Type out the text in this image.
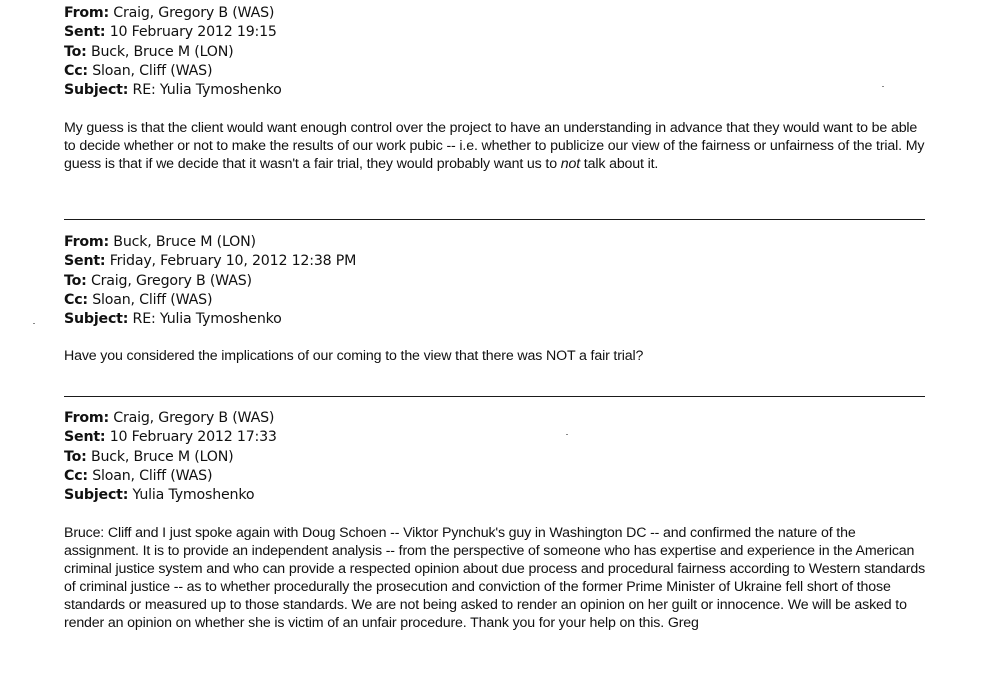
From: Craig, Gregory B (WAS)
Sent: 10 February 2012 19:15
To: Buck, Bruce M (LON)
Cc: Sloan, Cliff (WAS)
Subject: RE: Yulia Tymoshenko

My guess is that the client would want enough control over the project to have an understanding in advance that they would want to be able to decide whether or not to make the results of our work pubic -- i.e. whether to publicize our view of the fairness or unfairness of the trial. My guess is that if we decide that it wasn't a fair trial, they would probably want us to not talk about it.

From: Buck, Bruce M (LON)
Sent: Friday, February 10, 2012 12:38 PM
To: Craig, Gregory B (WAS)
Cc: Sloan, Cliff (WAS)
Subject: RE: Yulia Tymoshenko

Have you considered the implications of our coming to the view that there was NOT a fair trial?

From: Craig, Gregory B (WAS)
Sent: 10 February 2012 17:33
To: Buck, Bruce M (LON)
Cc: Sloan, Cliff (WAS)
Subject: Yulia Tymoshenko

Bruce: Cliff and I just spoke again with Doug Schoen -- Viktor Pynchuk's guy in Washington DC -- and confirmed the nature of the assignment. It is to provide an independent analysis -- from the perspective of someone who has expertise and experience in the American criminal justice system and who can provide a respected opinion about due process and procedural fairness according to Western standards of criminal justice -- as to whether procedurally the prosecution and conviction of the former Prime Minister of Ukraine fell short of those standards or measured up to those standards. We are not being asked to render an opinion on her guilt or innocence. We will be asked to render an opinion on whether she is victim of an unfair procedure. Thank you for your help on this. Greg
